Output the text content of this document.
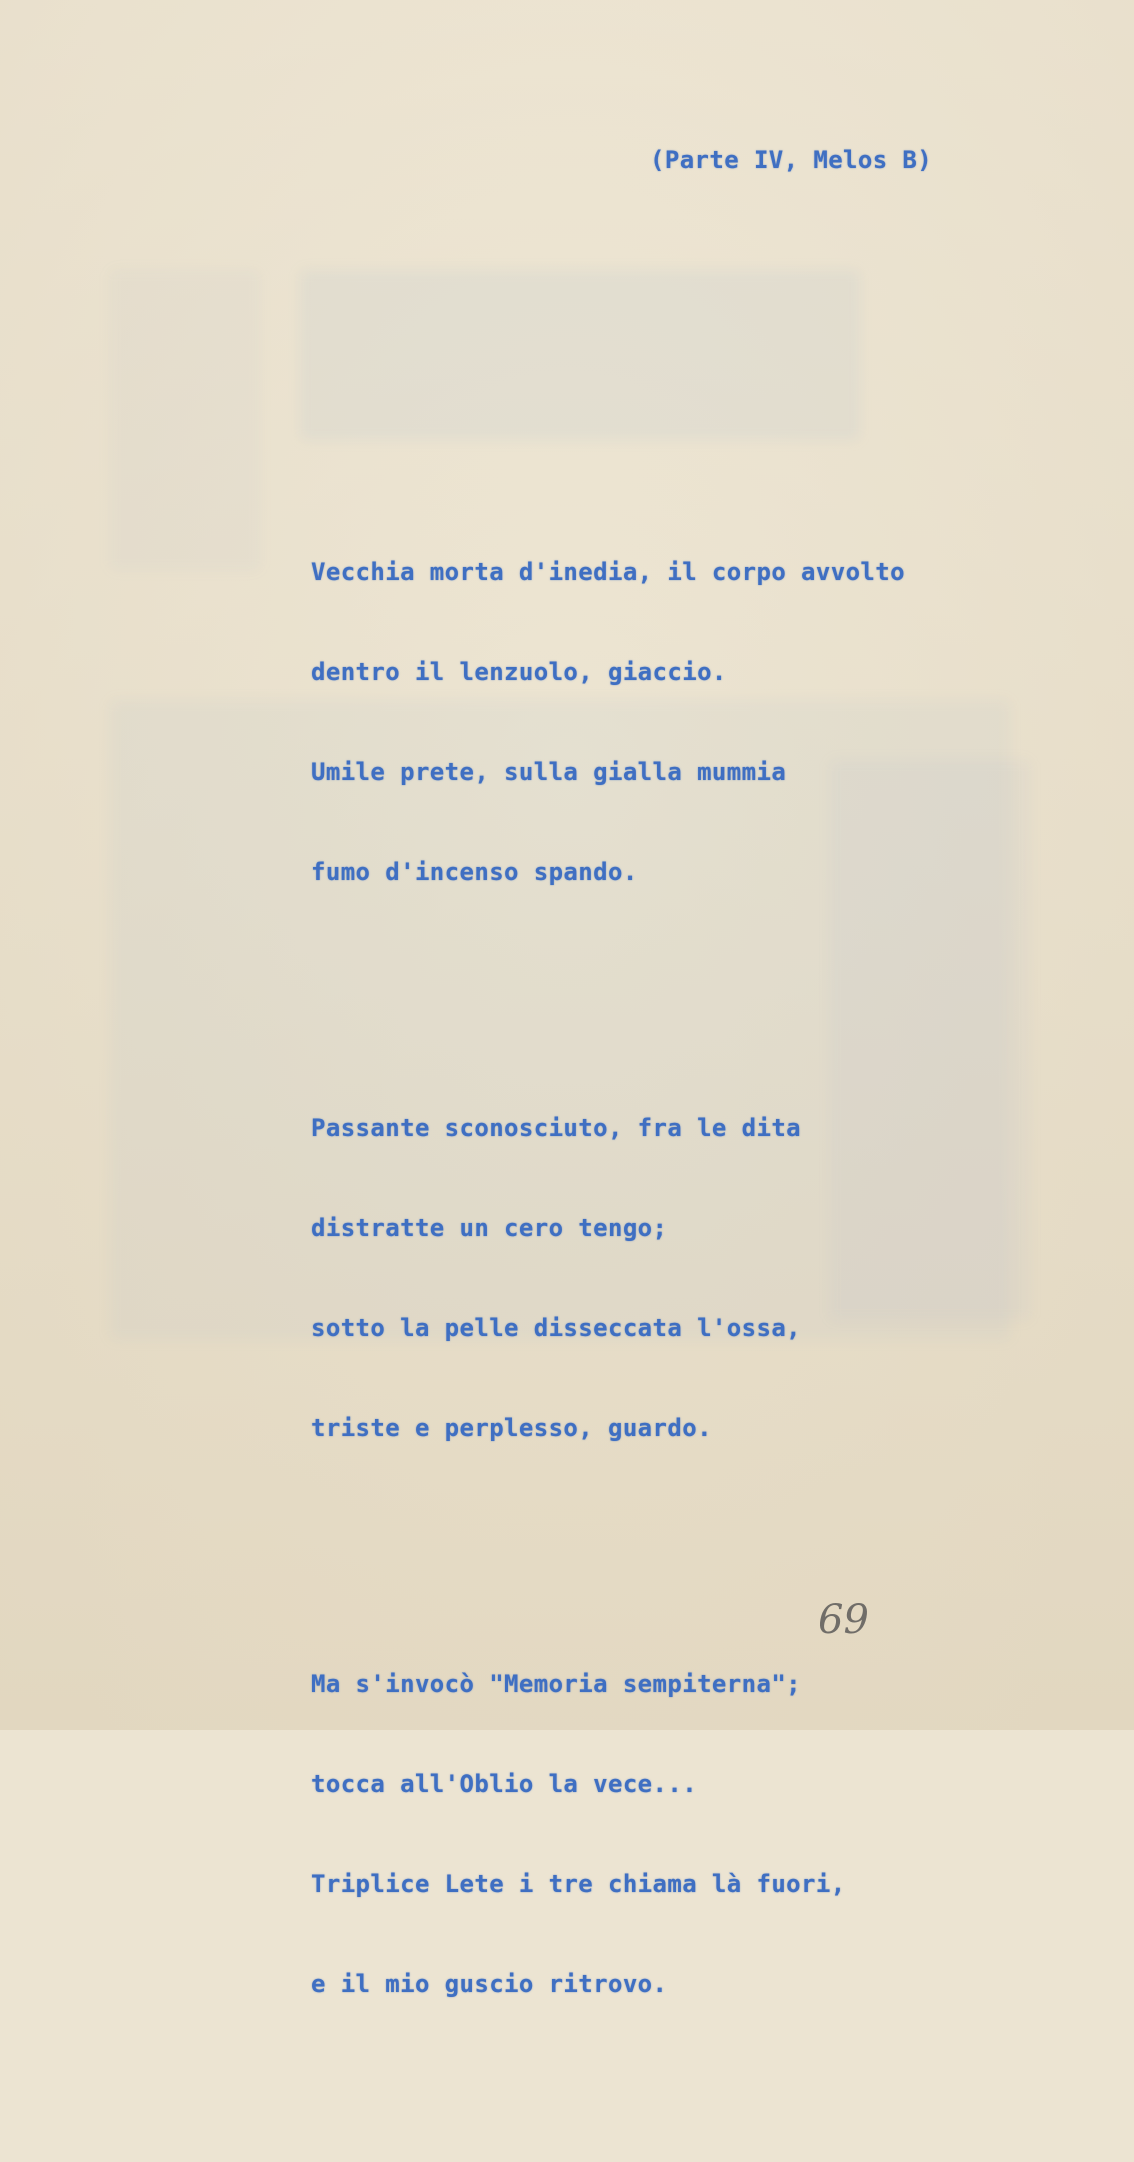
(Parte IV, Melos B)

Vecchia morta d'inedia, il corpo avvolto

dentro il lenzuolo, giaccio.

Umile prete, sulla gialla mummia

fumo d'incenso spando.

Passante sconosciuto, fra le dita

distratte un cero tengo;

sotto la pelle disseccata l'ossa,

triste e perplesso, guardo.

Ma s'invocò "Memoria sempiterna";

tocca all'Oblio la vece...

Triplice Lete i tre chiama là fuori,

e il mio guscio ritrovo.

69
